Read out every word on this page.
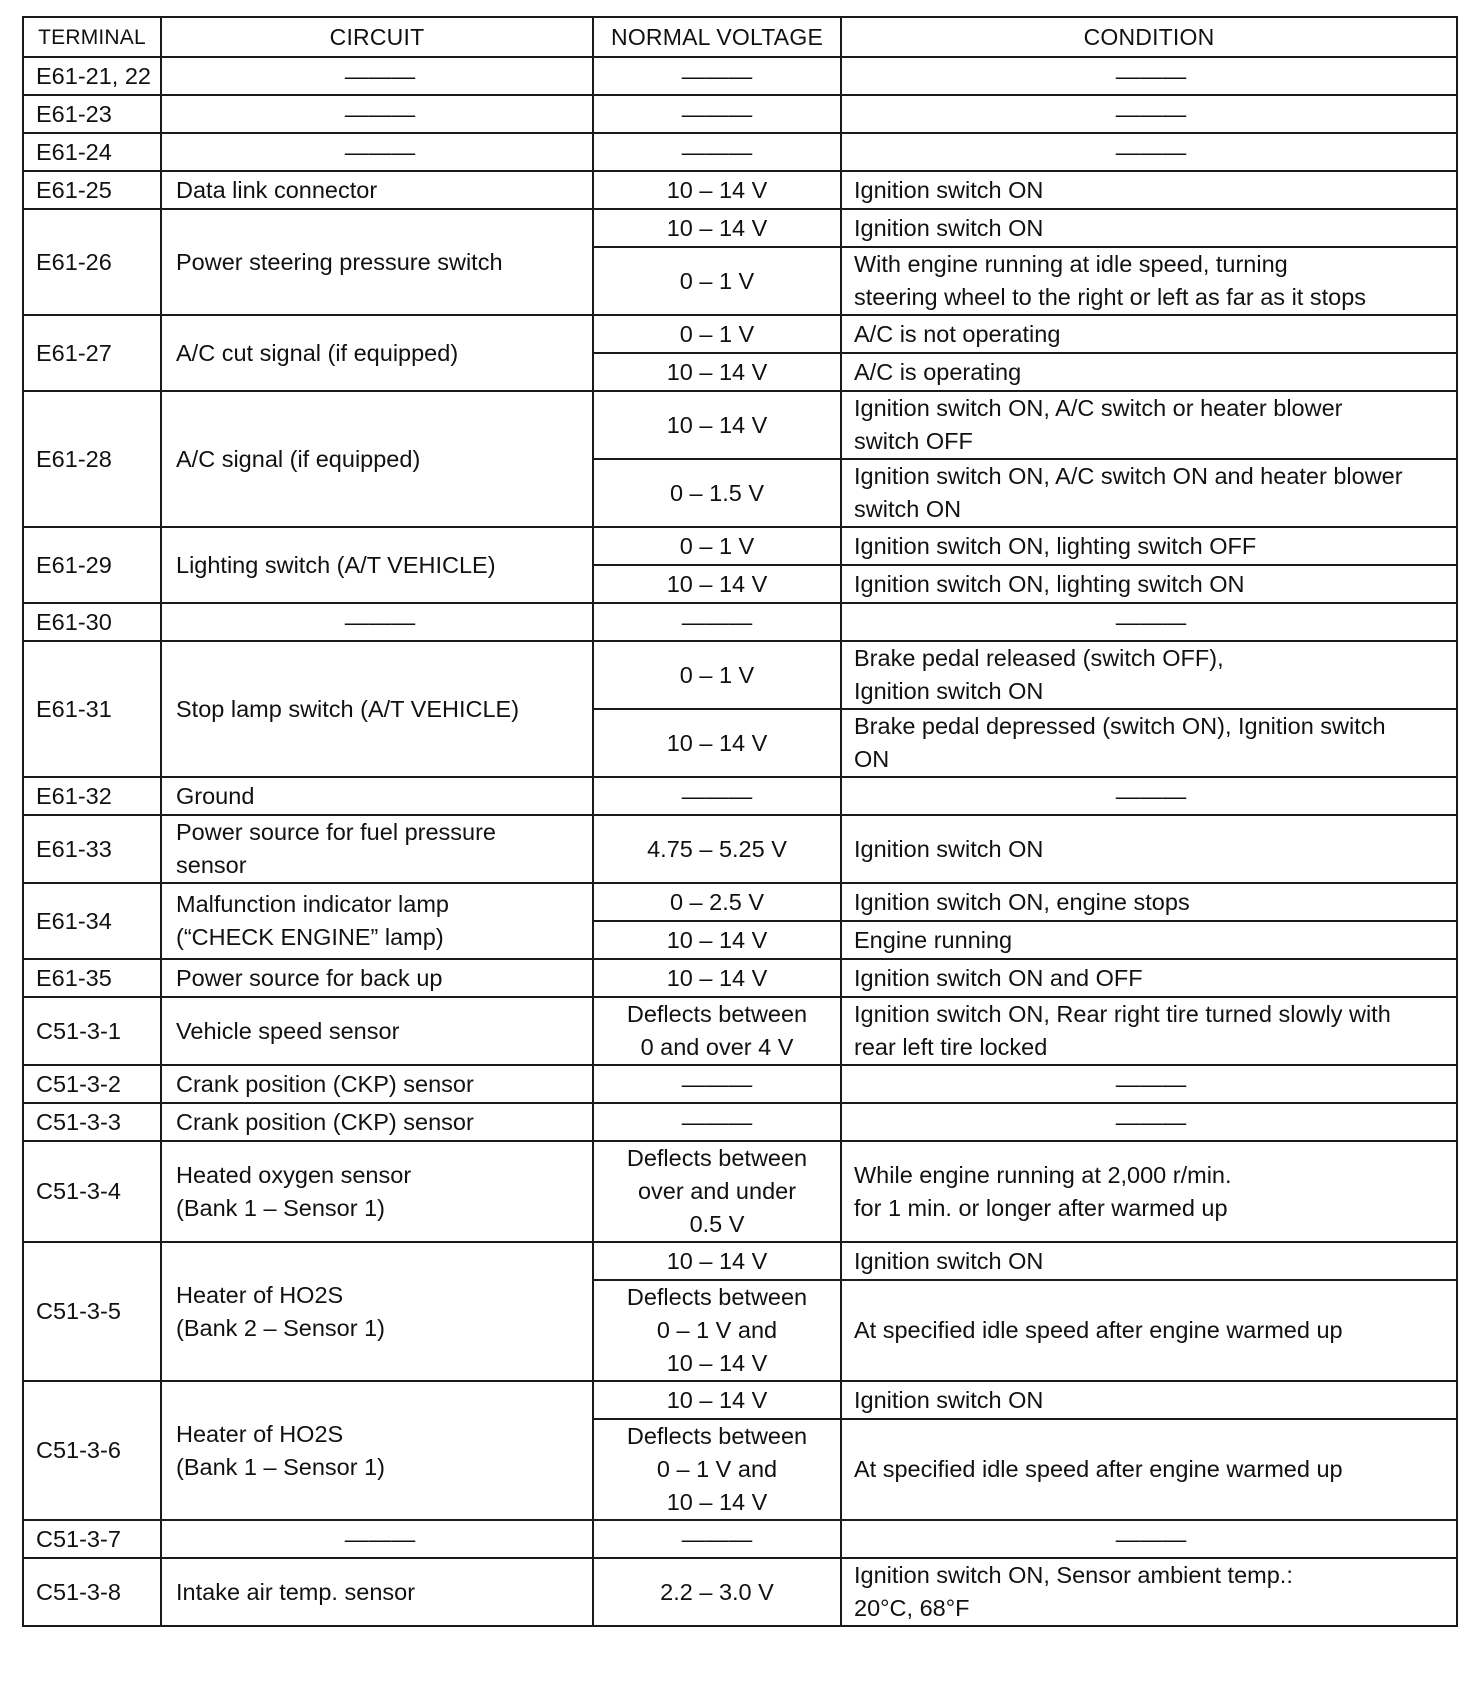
TERMINAL	CIRCUIT	NORMAL VOLTAGE	CONDITION
E61-21, 22	———	———	———
E61-23	———	———	———
E61-24	———	———	———
E61-25	Data link connector	10 – 14 V	Ignition switch ON
E61-26	Power steering pressure switch	10 – 14 V	Ignition switch ON
		0 – 1 V	With engine running at idle speed, turning
steering wheel to the right or left as far as it stops
E61-27	A/C cut signal (if equipped)	0 – 1 V	A/C is not operating
		10 – 14 V	A/C is operating
E61-28	A/C signal (if equipped)	10 – 14 V	Ignition switch ON, A/C switch or heater blower
switch OFF
		0 – 1.5 V	Ignition switch ON, A/C switch ON and heater blower
switch ON
E61-29	Lighting switch (A/T VEHICLE)	0 – 1 V	Ignition switch ON, lighting switch OFF
		10 – 14 V	Ignition switch ON, lighting switch ON
E61-30	———	———	———
E61-31	Stop lamp switch (A/T VEHICLE)	0 – 1 V	Brake pedal released (switch OFF),
Ignition switch ON
		10 – 14 V	Brake pedal depressed (switch ON), Ignition switch
ON
E61-32	Ground	———	———
E61-33	Power source for fuel pressure
sensor	4.75 – 5.25 V	Ignition switch ON
E61-34	Malfunction indicator lamp
(“CHECK ENGINE” lamp)	0 – 2.5 V	Ignition switch ON, engine stops
		10 – 14 V	Engine running
E61-35	Power source for back up	10 – 14 V	Ignition switch ON and OFF
C51-3-1	Vehicle speed sensor	Deflects between
0 and over 4 V	Ignition switch ON, Rear right tire turned slowly with
rear left tire locked
C51-3-2	Crank position (CKP) sensor	———	———
C51-3-3	Crank position (CKP) sensor	———	———
C51-3-4	Heated oxygen sensor
(Bank 1 – Sensor 1)	Deflects between
over and under
0.5 V	While engine running at 2,000 r/min.
for 1 min. or longer after warmed up
C51-3-5	Heater of HO2S
(Bank 2 – Sensor 1)	10 – 14 V	Ignition switch ON
		Deflects between
0 – 1 V and
10 – 14 V	At specified idle speed after engine warmed up
C51-3-6	Heater of HO2S
(Bank 1 – Sensor 1)	10 – 14 V	Ignition switch ON
		Deflects between
0 – 1 V and
10 – 14 V	At specified idle speed after engine warmed up
C51-3-7	———	———	———
C51-3-8	Intake air temp. sensor	2.2 – 3.0 V	Ignition switch ON, Sensor ambient temp.:
20°C, 68°F
